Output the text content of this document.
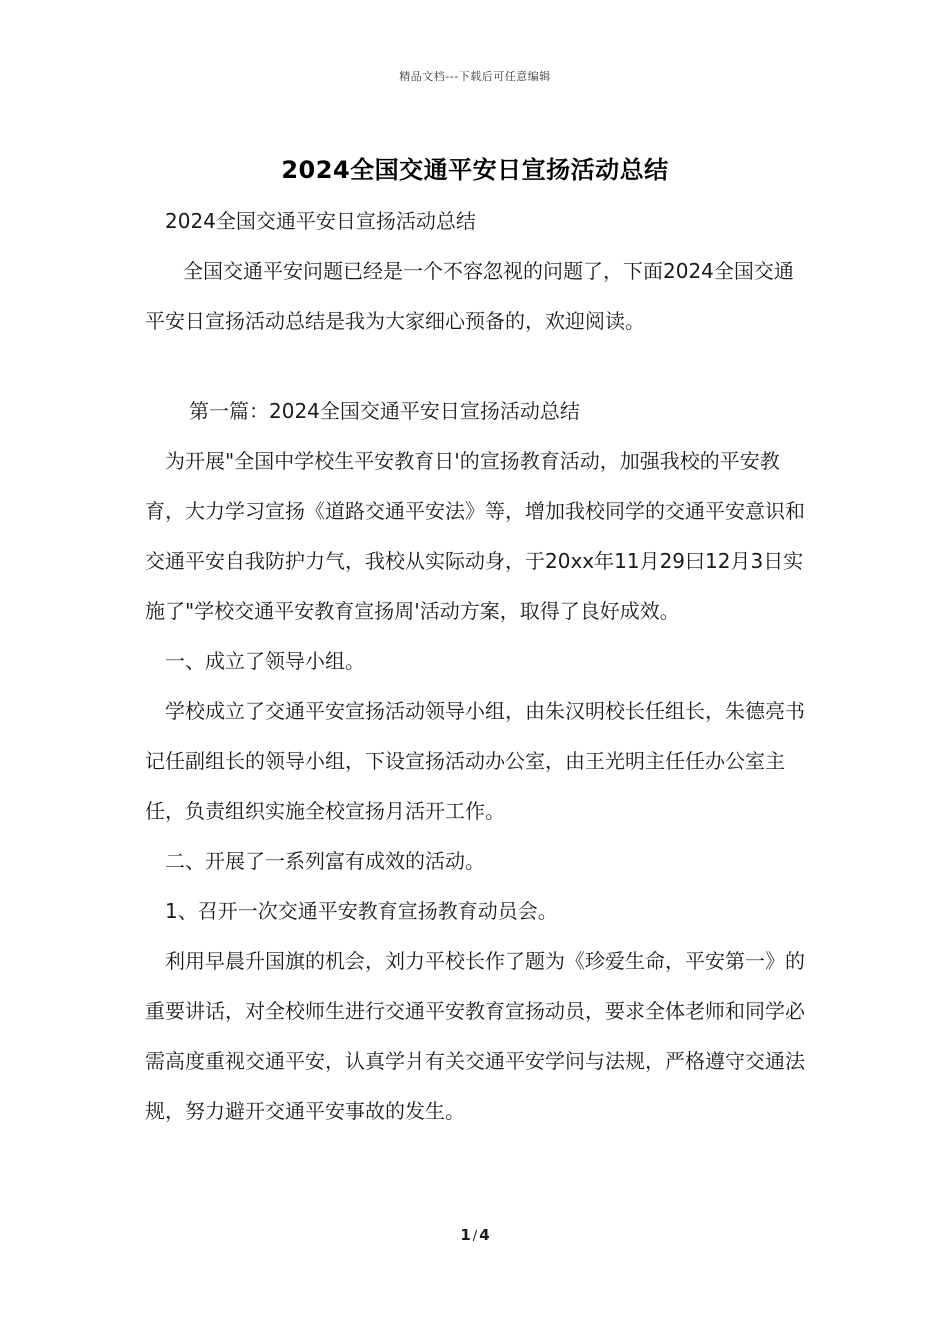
精品文档---下载后可任意编辑
2024全国交通平安日宣扬活动总结

2024全国交通平安日宣扬活动总结

全国交通平安问题已经是一个不容忽视的问题了，下面2024全国交通平安日宣扬活动总结是我为大家细心预备的，欢迎阅读。

第一篇：2024全国交通平安日宣扬活动总结

为开展"全国中学校生平安教育日'的宣扬教育活动，加强我校的平安教育，大力学习宣扬《道路交通平安法》等，增加我校同学的交通平安意识和交通平安自我防护力气，我校从实际动身，于20xx年11月29曰12月3日实施了"学校交通平安教育宣扬周'活动方案，取得了良好成效。

一、成立了领导小组。

学校成立了交通平安宣扬活动领导小组，由朱汉明校长任组长，朱德亮书记任副组长的领导小组，下设宣扬活动办公室，由王光明主任任办公室主任，负责组织实施全校宣扬月活开工作。

二、开展了一系列富有成效的活动。

1、召开一次交通平安教育宣扬教育动员会。

利用早晨升国旗的机会，刘力平校长作了题为《珍爱生命，平安第一》的重要讲话，对全校师生进行交通平安教育宣扬动员，要求全体老师和同学必需高度重视交通平安，认真学爿有关交通平安学问与法规，严格遵守交通法规，努力避开交通平安事故的发生。

1 / 4
